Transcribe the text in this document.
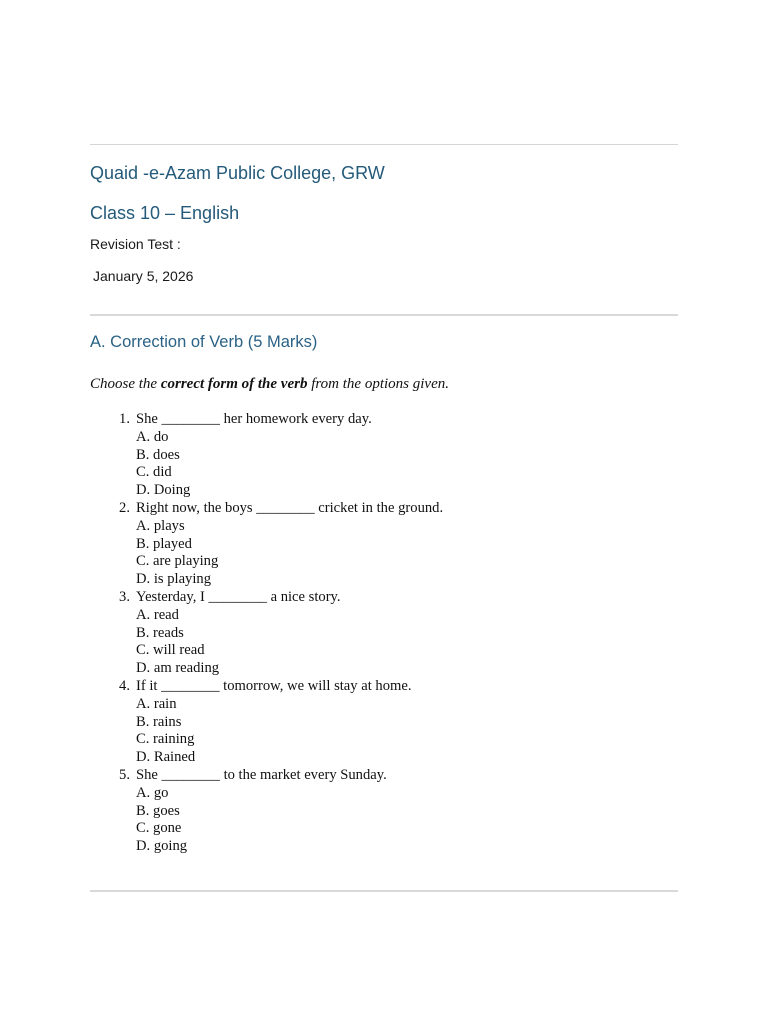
Quaid -e-Azam Public College, GRW
Class 10 – English
Revision Test :
January 5, 2026
A. Correction of Verb (5 Marks)
Choose the correct form of the verb from the options given.
1. She ________ her homework every day.
A. do
B. does
C. did
D. Doing
2. Right now, the boys ________ cricket in the ground.
A. plays
B. played
C. are playing
D. is playing
3. Yesterday, I ________ a nice story.
A. read
B. reads
C. will read
D. am reading
4. If it ________ tomorrow, we will stay at home.
A. rain
B. rains
C. raining
D. Rained
5. She ________ to the market every Sunday.
A. go
B. goes
C. gone
D. going
